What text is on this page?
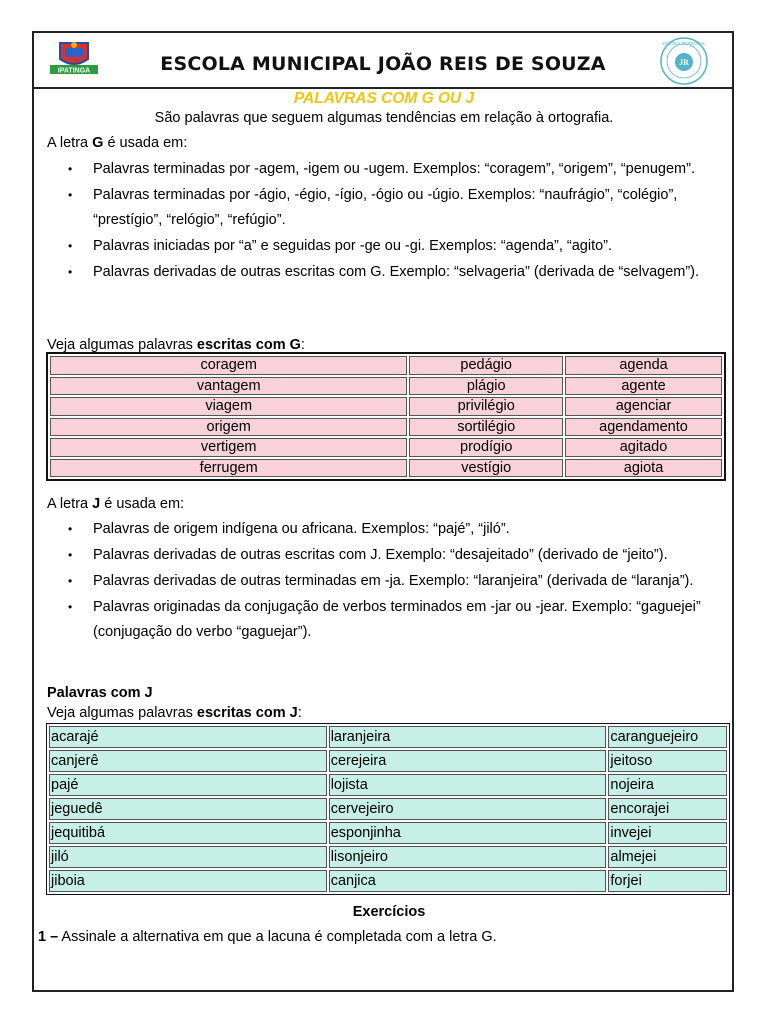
IPATINGA	ESCOLA MUNICIPAL JOÃO REIS DE SOUZA
ESCOLA MUNICIPAL
JR
PALAVRAS COM G OU J
São palavras que seguem algumas tendências em relação à ortografia.
A letra G é usada em:
• Palavras terminadas por -agem, -igem ou -ugem. Exemplos: “coragem”, “origem”, “penugem”.
• Palavras terminadas por -ágio, -égio, -ígio, -ógio ou -úgio. Exemplos: “naufrágio”, “colégio”, “prestígio”, “relógio”, “refúgio”.
• Palavras iniciadas por “a” e seguidas por -ge ou -gi. Exemplos: “agenda”, “agito”.
• Palavras derivadas de outras escritas com G. Exemplo: “selvageria” (derivada de “selvagem”).
Veja algumas palavras escritas com G:
coragem	pedágio	agenda
vantagem	plágio	agente
viagem	privilégio	agenciar
origem	sortilégio	agendamento
vertigem	prodígio	agitado
ferrugem	vestígio	agiota
A letra J é usada em:
• Palavras de origem indígena ou africana. Exemplos: “pajé”, “jiló”.
• Palavras derivadas de outras escritas com J. Exemplo: “desajeitado” (derivado de “jeito”).
• Palavras derivadas de outras terminadas em -ja. Exemplo: “laranjeira” (derivada de “laranja”).
• Palavras originadas da conjugação de verbos terminados em -jar ou -jear. Exemplo: “gaguejei” (conjugação do verbo “gaguejar”).
Palavras com J
Veja algumas palavras escritas com J:
acarajé	laranjeira	caranguejeiro
canjerê	cerejeira	jeitoso
pajé	lojista	nojeira
jeguedê	cervejeiro	encorajei
jequitibá	esponjinha	invejei
jiló	lisonjeiro	almejei
jiboia	canjica	forjei
Exercícios
1 – Assinale a alternativa em que a lacuna é completada com a letra G.
